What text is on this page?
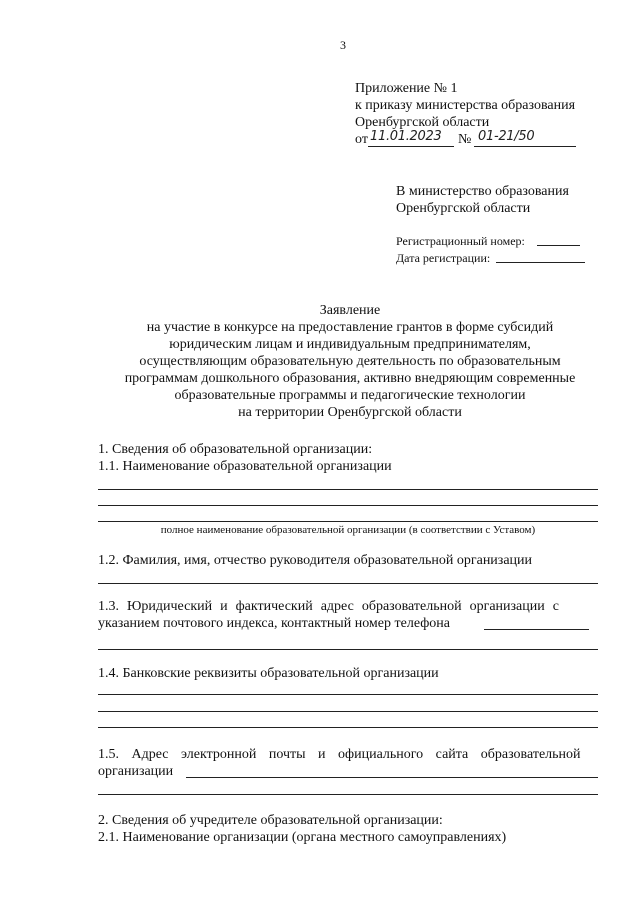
3
Приложение № 1
к приказу министерства образования
Оренбургской области
от 11.01.2023 № 01-21/50
В министерство образования
Оренбургской области
Регистрационный номер:
Дата регистрации:
Заявление
на участие в конкурсе на предоставление грантов в форме субсидий
юридическим лицам и индивидуальным предпринимателям,
осуществляющим образовательную деятельность по образовательным
программам дошкольного образования, активно внедряющим современные
образовательные программы и педагогические технологии
на территории Оренбургской области
1. Сведения об образовательной организации:
1.1. Наименование образовательной организации
полное наименование образовательной организации (в соответствии с Уставом)
1.2. Фамилия, имя, отчество руководителя образовательной организации
1.3. Юридический и фактический адрес образовательной организации с
указанием почтового индекса, контактный номер телефона
1.4. Банковские реквизиты образовательной организации
1.5. Адрес электронной почты и официального сайта образовательной
организации
2. Сведения об учредителе образовательной организации:
2.1. Наименование организации (органа местного самоуправлениях)
